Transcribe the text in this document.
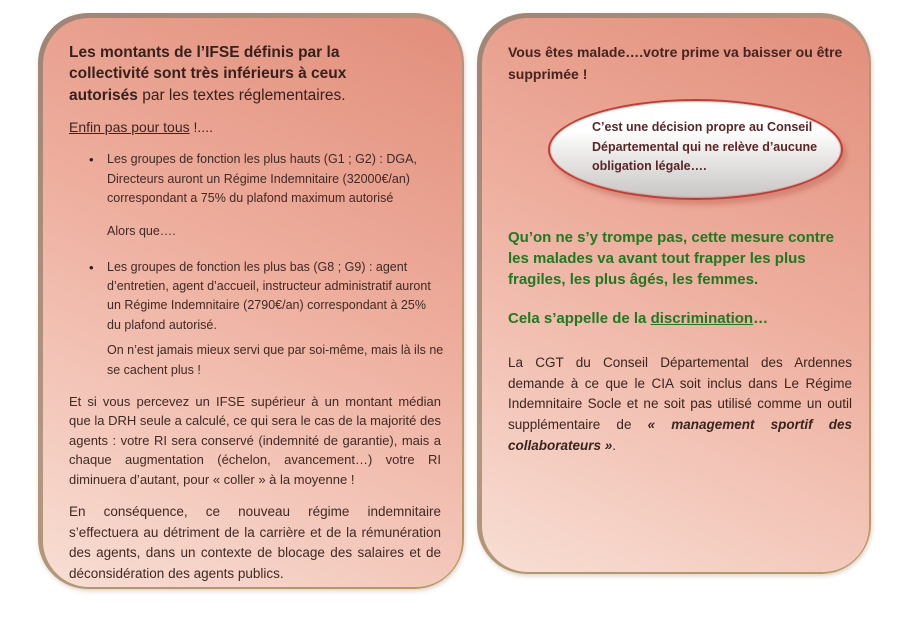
Les montants de l’IFSE définis par la collectivité sont très inférieurs à ceux autorisés par les textes réglementaires.
Enfin pas pour tous !....
•	Les groupes de fonction les plus hauts (G1 ; G2) : DGA, Directeurs auront un Régime Indemnitaire (32000€/an) correspondant a 75% du plafond maximum autorisé
Alors que….
•	Les groupes de fonction les plus bas (G8 ; G9) : agent d’entretien, agent d’accueil, instructeur administratif auront un Régime Indemnitaire (2790€/an) correspondant à 25% du plafond autorisé.
On n’est jamais mieux servi que par soi-même, mais là ils ne se cachent plus !
Et si vous percevez un IFSE supérieur à un montant médian que la DRH seule a calculé, ce qui sera le cas de la majorité des agents : votre RI sera conservé (indemnité de garantie), mais a chaque augmentation (échelon, avancement…) votre RI diminuera d’autant, pour « coller » à la moyenne !
En conséquence, ce nouveau régime indemnitaire s’effectuera au détriment de la carrière et de la rémunération des agents, dans un contexte de blocage des salaires et de déconsidération des agents publics.
Vous êtes malade….votre prime va baisser ou être supprimée !
C’est une décision propre au Conseil Départemental qui ne relève d’aucune obligation légale….
Qu’on ne s’y trompe pas, cette mesure contre les malades va avant tout frapper les plus fragiles, les plus âgés, les femmes.
Cela s’appelle de la discrimination…
La CGT du Conseil Départemental des Ardennes demande à ce que le CIA soit inclus dans Le Régime Indemnitaire Socle et ne soit pas utilisé comme un outil supplémentaire de « management sportif des collaborateurs ».
